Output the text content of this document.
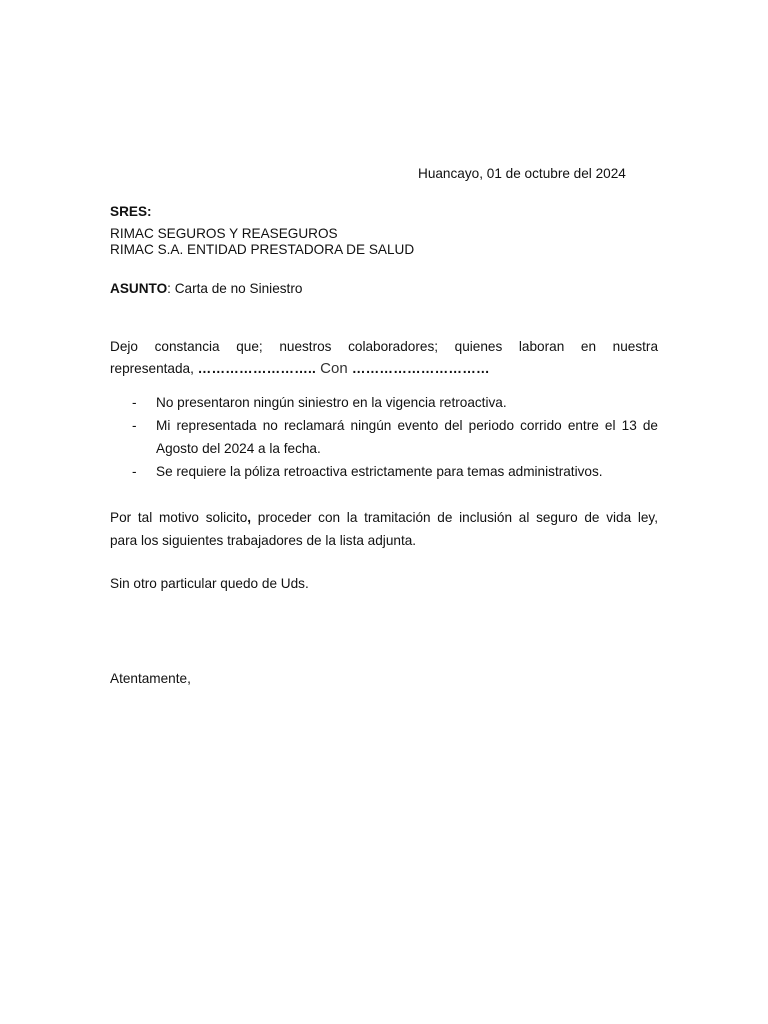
Huancayo, 01 de octubre del 2024
SRES:
RIMAC SEGUROS Y REASEGUROS
RIMAC S.A. ENTIDAD PRESTADORA DE SALUD
ASUNTO: Carta de no Siniestro
Dejo constancia que; nuestros colaboradores; quienes laboran en nuestra
representada, …………………….. Con …………………………
- No presentaron ningún siniestro en la vigencia retroactiva.
- Mi representada no reclamará ningún evento del periodo corrido entre el 13 de
Agosto del 2024 a la fecha.
- Se requiere la póliza retroactiva estrictamente para temas administrativos.
Por tal motivo solicito, proceder con la tramitación de inclusión al seguro de vida ley,
para los siguientes trabajadores de la lista adjunta.
Sin otro particular quedo de Uds.
Atentamente,
